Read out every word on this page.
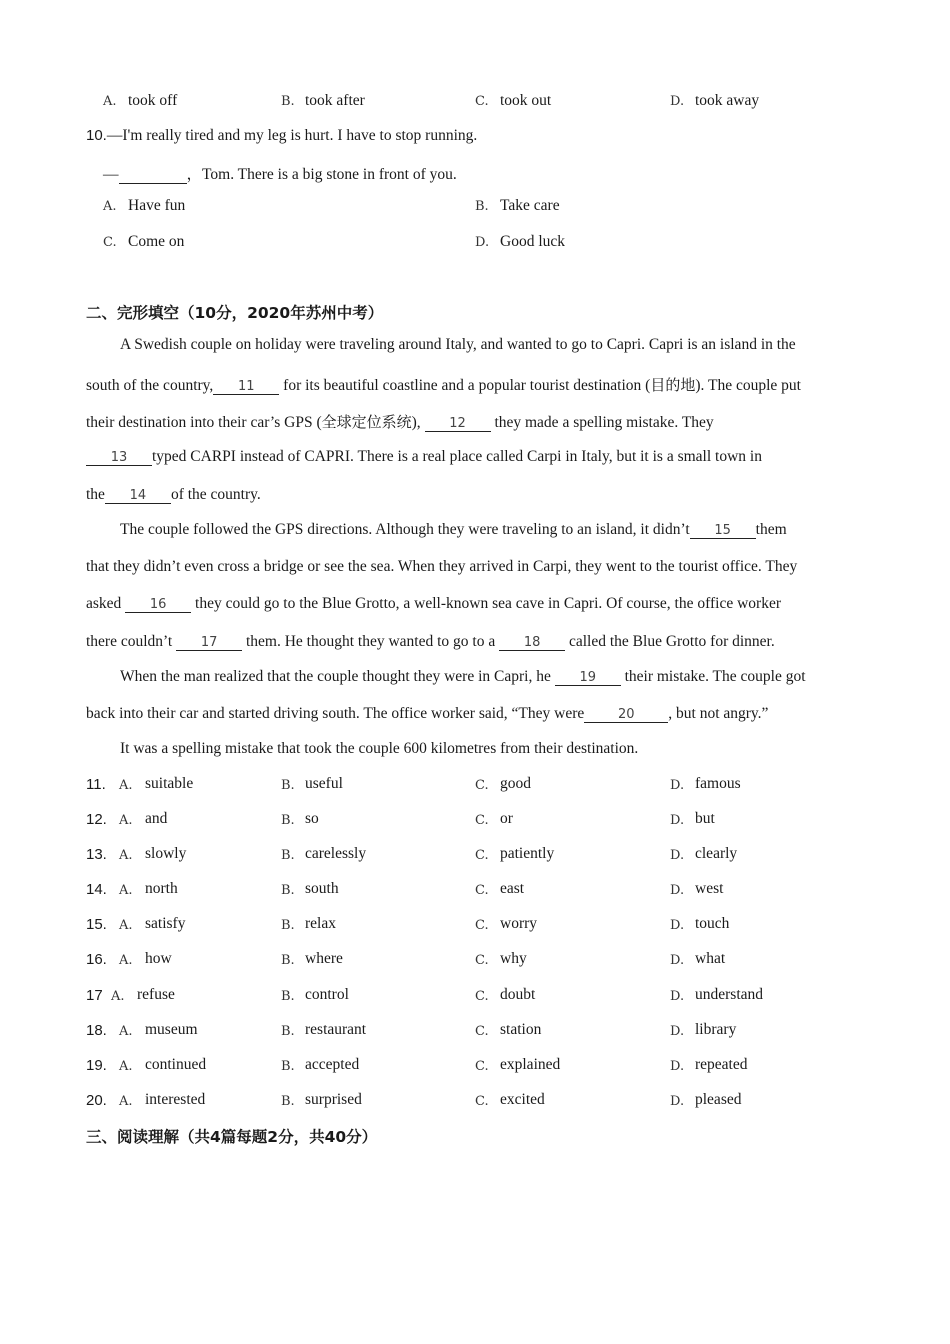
A. took off	B. took after	C. took out	D. took away
10.—I'm really tired and my leg is hurt. I have to stop running.
—	，Tom. There is a big stone in front of you.
A. Have fun	B. Take care
C. Come on	D. Good luck
二、完形填空（10分，2020年苏州中考）
A Swedish couple on holiday were traveling around Italy, and wanted to go to Capri. Capri is an island in the
south of the country, 11 for its beautiful coastline and a popular tourist destination (目的地). The couple put
their destination into their car’s GPS (全球定位系统), 12 they made a spelling mistake. They
13 typed CARPI instead of CAPRI. There is a real place called Carpi in Italy, but it is a small town in
the 14 of the country.
The couple followed the GPS directions. Although they were traveling to an island, it didn’t 15 them
that they didn’t even cross a bridge or see the sea. When they arrived in Carpi, they went to the tourist office. They
asked 16 they could go to the Blue Grotto, a well-known sea cave in Capri. Of course, the office worker
there couldn’t 17 them. He thought they wanted to go to a 18 called the Blue Grotto for dinner.
When the man realized that the couple thought they were in Capri, he 19 their mistake. The couple got
back into their car and started driving south. The office worker said, “They were	20 , but not angry.”
It was a spelling mistake that took the couple 600 kilometres from their destination.
11. A. suitable	B. useful	C. good	D. famous
12. A. and	B. so	C. or	D. but
13. A. slowly	B. carelessly	C. patiently	D. clearly
14. A. north	B. south	C. east	D. west
15. A. satisfy	B. relax	C. worry	D. touch
16. A. how	B. where	C. why	D. what
17 A. refuse	B. control	C. doubt	D. understand
18. A. museum	B. restaurant	C. station	D. library
19. A. continued	B. accepted	C. explained	D. repeated
20. A. interested	B. surprised	C. excited	D. pleased
三、阅读理解（共4篇每题2分，共40分）
